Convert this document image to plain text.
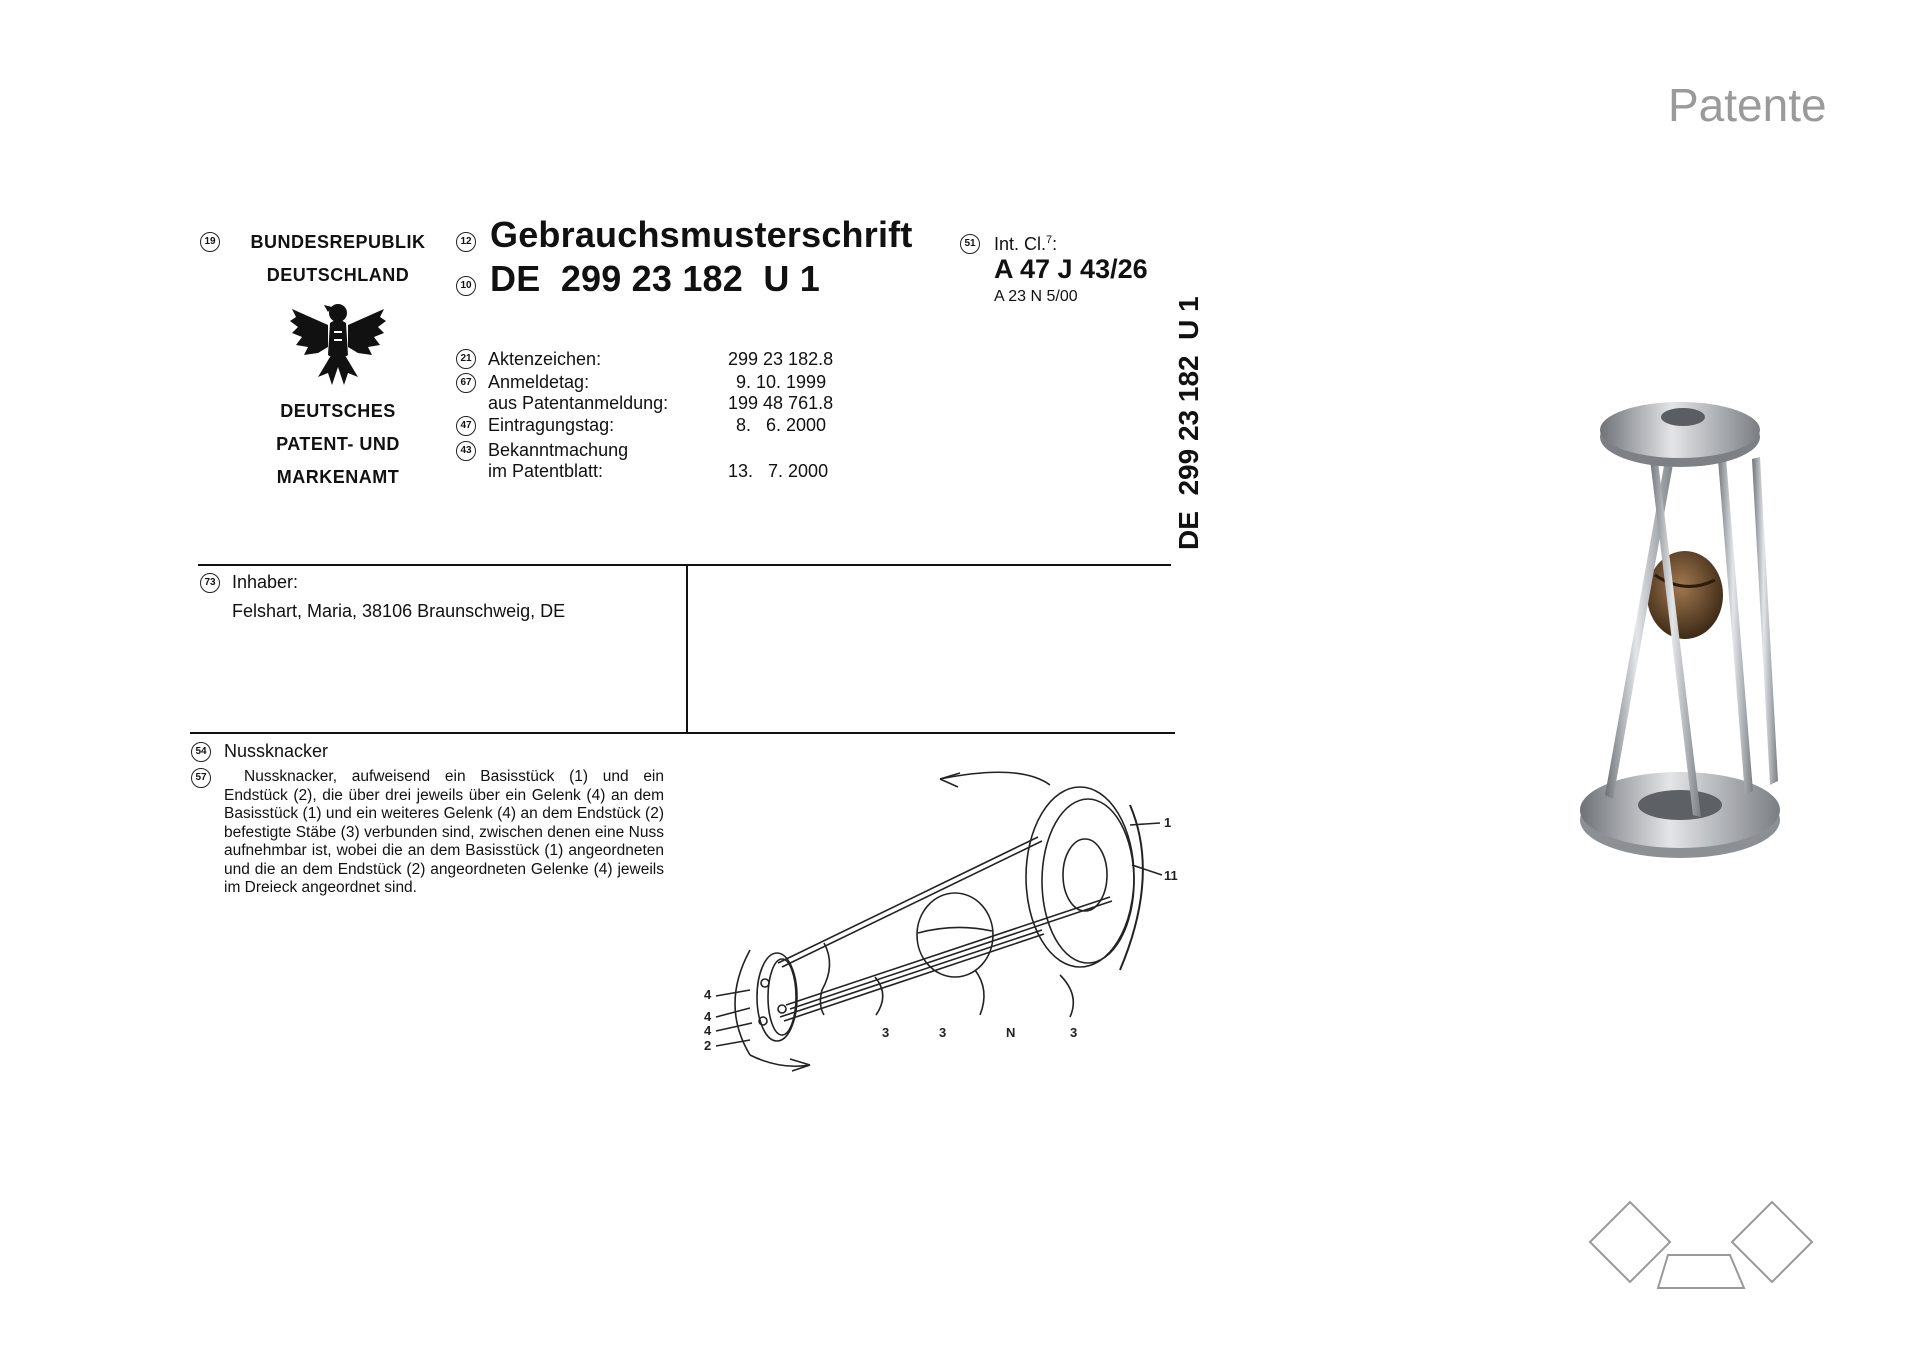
Patente
19	BUNDESREPUBLIK
DEUTSCHLAND
DEUTSCHES
PATENT- UND
MARKENAMT
12 Gebrauchsmusterschrift
10 DE  299 23 182  U 1
51 Int. Cl.$^7$:
A 47 J 43/26
A 23 N 5/00	DE  299 23 182  U 1
21 Aktenzeichen:	299 23 182.8
67 Anmeldetag:	9. 10. 1999
aus Patentanmeldung:	199 48 761.8
47 Eintragungstag:	8.   6. 2000
43 Bekanntmachung
im Patentblatt:	13.   7. 2000
73 Inhaber:
Felshart, Maria, 38106 Braunschweig, DE
54 Nussknacker
57	Nussknacker, aufweisend ein Basisstück (1) und ein Endstück (2), die über drei jeweils über ein Gelenk (4) an dem Basisstück (1) und ein weiteres Gelenk (4) an dem Endstück (2) befestigte Stäbe (3) verbunden sind, zwischen denen eine Nuss aufnehmbar ist, wobei die an dem Basisstück (1) angeordneten und die an dem Endstück (2) angeordneten Gelenke (4) jeweils im Dreieck angeordnet sind.
1
11
4
4
4
2
3	3	N	3
